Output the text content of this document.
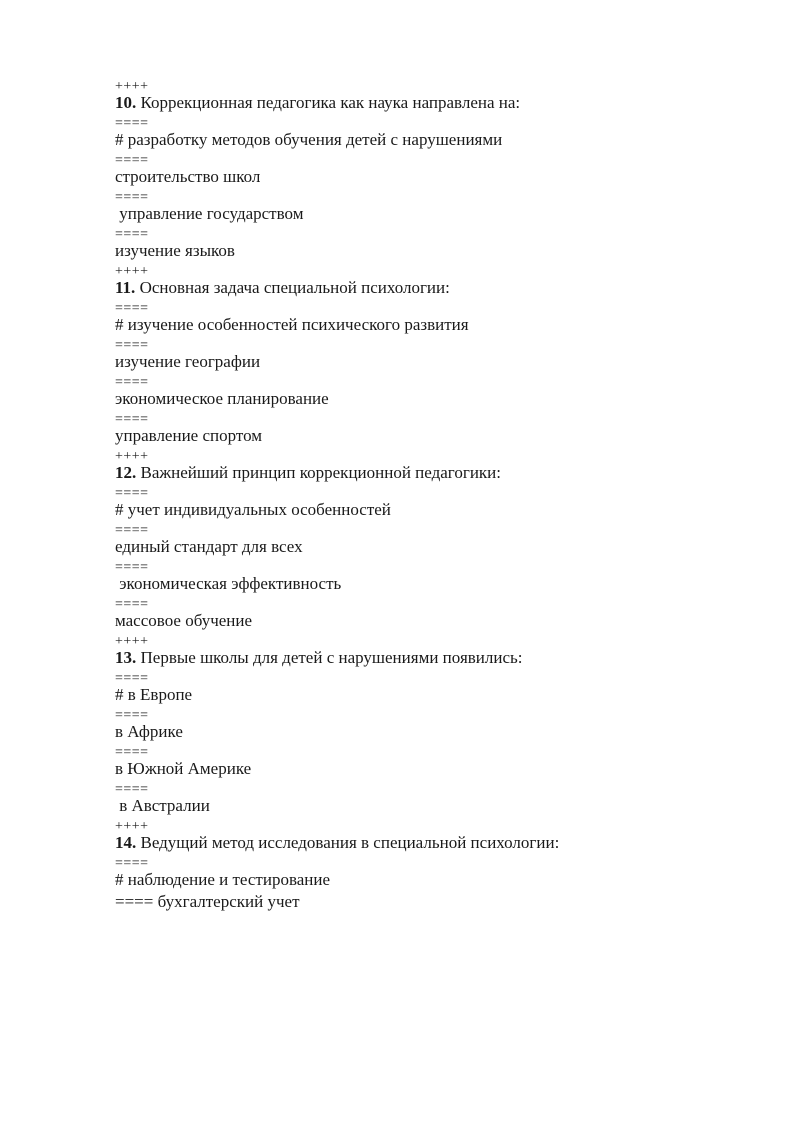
++++
10. Коррекционная педагогика как наука направлена на:
====
# разработку методов обучения детей с нарушениями
====
строительство школ
====
управление государством
====
изучение языков
++++
11. Основная задача специальной психологии:
====
# изучение особенностей психического развития
====
изучение географии
====
экономическое планирование
====
управление спортом
++++
12. Важнейший принцип коррекционной педагогики:
====
# учет индивидуальных особенностей
====
единый стандарт для всех
====
экономическая эффективность
====
массовое обучение
++++
13. Первые школы для детей с нарушениями появились:
====
# в Европе
====
в Африке
====
в Южной Америке
====
в Австралии
++++
14. Ведущий метод исследования в специальной психологии:
====
# наблюдение и тестирование
==== бухгалтерский учет
